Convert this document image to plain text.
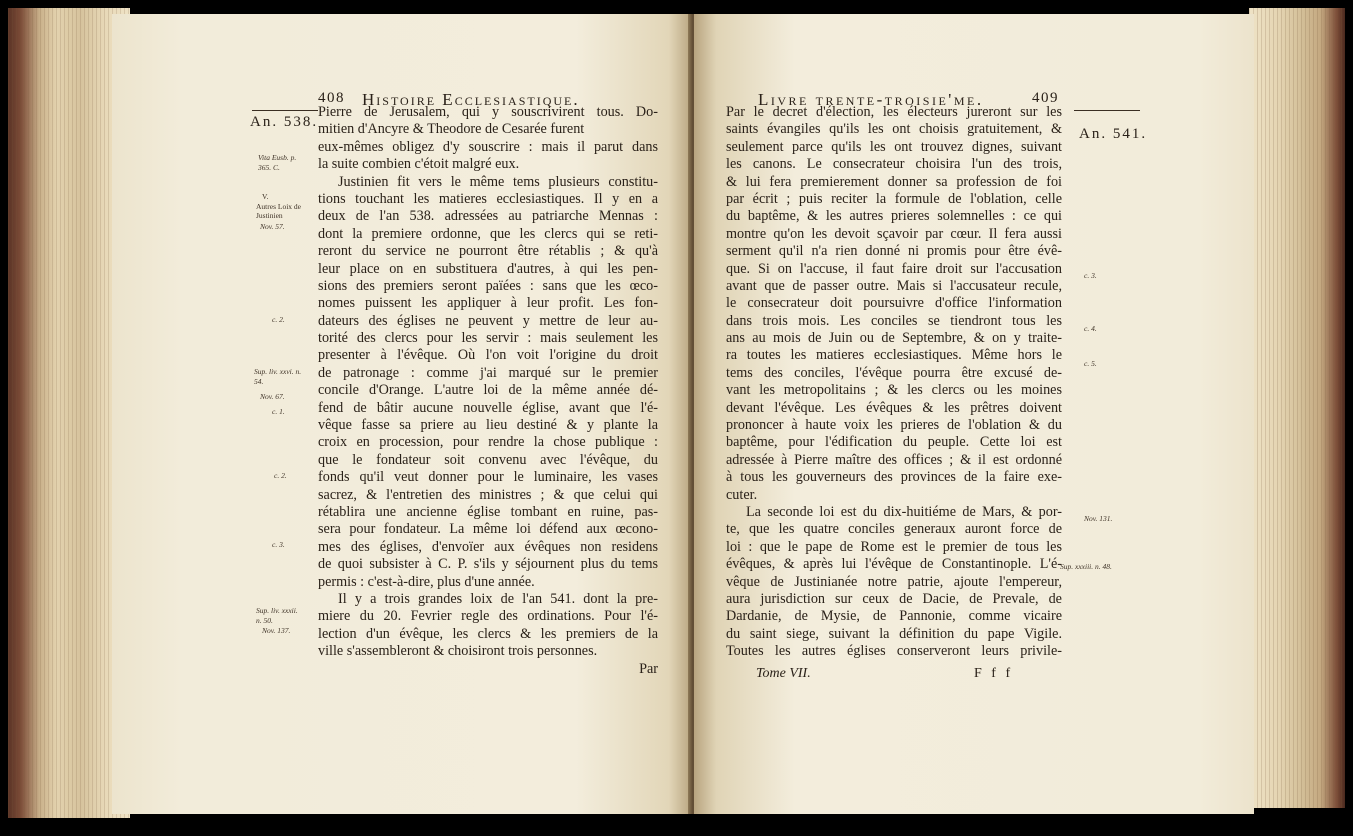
408 Histoire Ecclesiastique.
An. 538.
Vita Eusb. p.
365. C.
V.
Autres Loix de
Justinien
Nov. 57.
c. 2.
Sup. liv. xxvi. n.
54.
Nov. 67.
c. 1.
c. 2.
c. 3.
Sup. liv. xxxii.
n. 50.
Nov. 137.
Pierre de Jerusalem, qui y souscrivirent tous. Do-
mitien d'Ancyre & Theodore de Cesarée furent
eux-mêmes obligez d'y souscrire : mais il parut dans
la suite combien c'étoit malgré eux.
Justinien fit vers le même tems plusieurs constitu-
tions touchant les matieres ecclesiastiques. Il y en a
deux de l'an 538. adressées au patriarche Mennas :
dont la premiere ordonne, que les clercs qui se reti-
reront du service ne pourront être rétablis ; & qu'à
leur place on en substituera d'autres, à qui les pen-
sions des premiers seront païées : sans que les œco-
nomes puissent les appliquer à leur profit. Les fon-
dateurs des églises ne peuvent y mettre de leur au-
torité des clercs pour les servir : mais seulement les
presenter à l'évêque. Où l'on voit l'origine du droit
de patronage : comme j'ai marqué sur le premier
concile d'Orange. L'autre loi de la même année dé-
fend de bâtir aucune nouvelle église, avant que l'é-
vêque fasse sa priere au lieu destiné & y plante la
croix en procession, pour rendre la chose publique :
que le fondateur soit convenu avec l'évêque, du
fonds qu'il veut donner pour le luminaire, les vases
sacrez, & l'entretien des ministres ; & que celui qui
rétablira une ancienne église tombant en ruine, pas-
sera pour fondateur. La même loi défend aux œcono-
mes des églises, d'envoïer aux évêques non residens
de quoi subsister à C. P. s'ils y séjournent plus du tems
permis : c'est-à-dire, plus d'une année.
Il y a trois grandes loix de l'an 541. dont la pre-
miere du 20. Fevrier regle des ordinations. Pour l'é-
lection d'un évêque, les clercs & les premiers de la
ville s'assembleront & choisiront trois personnes.
Par
Livre trente-troisie'me.	409
An. 541.
c. 3.
c. 4.
c. 5.
Nov. 131.
Sup. xxxiii. n. 48.
Par le decret d'élection, les électeurs jureront sur les
saints évangiles qu'ils les ont choisis gratuitement, &
seulement parce qu'ils les ont trouvez dignes, suivant
les canons. Le consecrateur choisira l'un des trois,
& lui fera premierement donner sa profession de foi
par écrit ; puis reciter la formule de l'oblation, celle
du baptême, & les autres prieres solemnelles : ce qui
montre qu'on les devoit sçavoir par cœur. Il fera aussi
serment qu'il n'a rien donné ni promis pour être évê-
que. Si on l'accuse, il faut faire droit sur l'accusation
avant que de passer outre. Mais si l'accusateur recule,
le consecrateur doit poursuivre d'office l'information
dans trois mois. Les conciles se tiendront tous les
ans au mois de Juin ou de Septembre, & on y traite-
ra toutes les matieres ecclesiastiques. Même hors le
tems des conciles, l'évêque pourra être excusé de-
vant les metropolitains ; & les clercs ou les moines
devant l'évêque. Les évêques & les prêtres doivent
prononcer à haute voix les prieres de l'oblation & du
baptême, pour l'édification du peuple. Cette loi est
adressée à Pierre maître des offices ; & il est ordonné
à tous les gouverneurs des provinces de la faire exe-
cuter.
La seconde loi est du dix-huitiéme de Mars, & por-
te, que les quatre conciles generaux auront force de
loi : que le pape de Rome est le premier de tous les
évêques, & après lui l'évêque de Constantinople. L'é-
vêque de Justinianée notre patrie, ajoute l'empereur,
aura jurisdiction sur ceux de Dacie, de Prevale, de
Dardanie, de Mysie, de Pannonie, comme vicaire
du saint siege, suivant la définition du pape Vigile.
Toutes les autres églises conserveront leurs privile-
Tome VII.	F f f
